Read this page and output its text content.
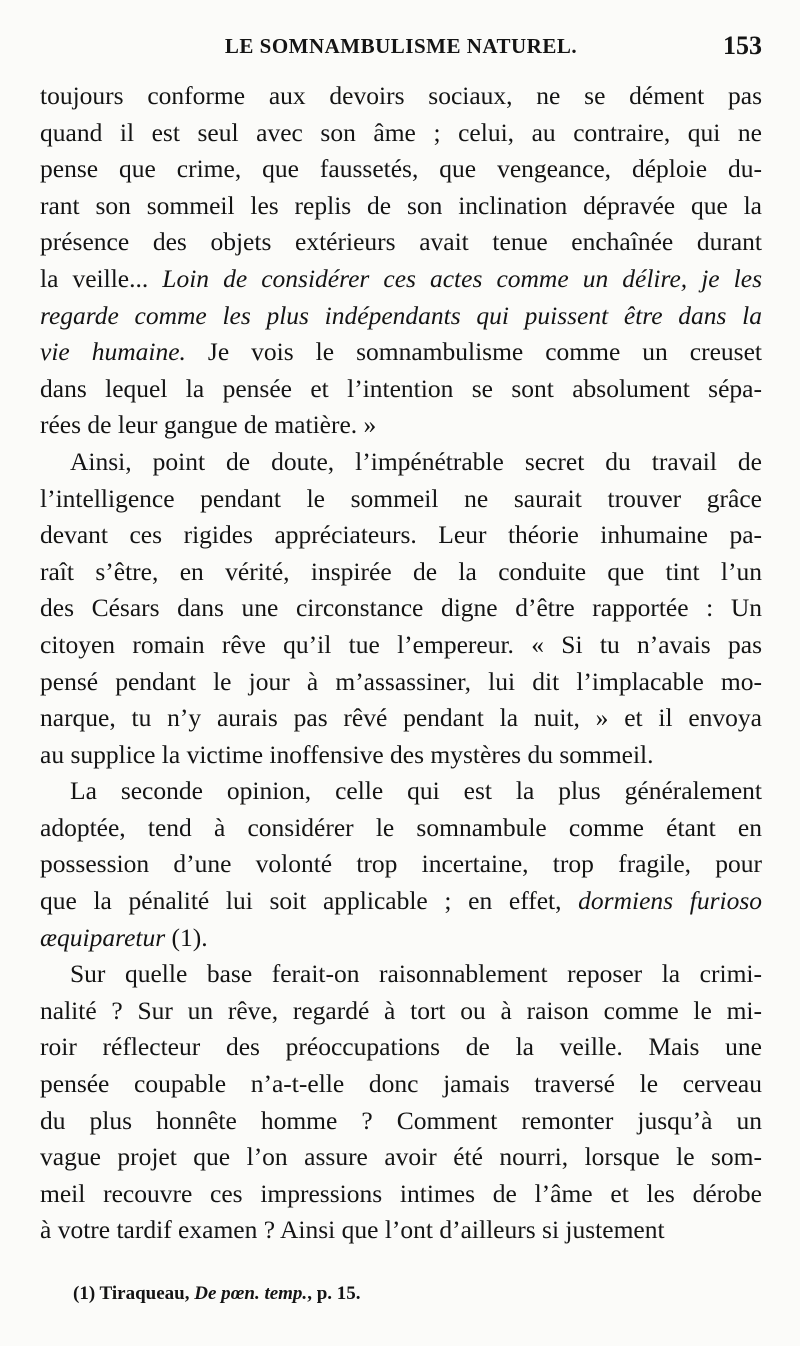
LE SOMNAMBULISME NATUREL.	153
toujours conforme aux devoirs sociaux, ne se dément pas
quand il est seul avec son âme ; celui, au contraire, qui ne
pense que crime, que faussetés, que vengeance, déploie du-
rant son sommeil les replis de son inclination dépravée que la
présence des objets extérieurs avait tenue enchaînée durant
la veille... Loin de considérer ces actes comme un délire, je les
regarde comme les plus indépendants qui puissent être dans la
vie humaine. Je vois le somnambulisme comme un creuset
dans lequel la pensée et l’intention se sont absolument sépa-
rées de leur gangue de matière. »
Ainsi, point de doute, l’impénétrable secret du travail de
l’intelligence pendant le sommeil ne saurait trouver grâce
devant ces rigides appréciateurs. Leur théorie inhumaine pa-
raît s’être, en vérité, inspirée de la conduite que tint l’un
des Césars dans une circonstance digne d’être rapportée : Un
citoyen romain rêve qu’il tue l’empereur. « Si tu n’avais pas
pensé pendant le jour à m’assassiner, lui dit l’implacable mo-
narque, tu n’y aurais pas rêvé pendant la nuit, » et il envoya
au supplice la victime inoffensive des mystères du sommeil.
La seconde opinion, celle qui est la plus généralement
adoptée, tend à considérer le somnambule comme étant en
possession d’une volonté trop incertaine, trop fragile, pour
que la pénalité lui soit applicable ; en effet, dormiens furioso
æquiparetur (1).
Sur quelle base ferait-on raisonnablement reposer la crimi-
nalité ? Sur un rêve, regardé à tort ou à raison comme le mi-
roir réflecteur des préoccupations de la veille. Mais une
pensée coupable n’a-t-elle donc jamais traversé le cerveau
du plus honnête homme ? Comment remonter jusqu’à un
vague projet que l’on assure avoir été nourri, lorsque le som-
meil recouvre ces impressions intimes de l’âme et les dérobe
à votre tardif examen ? Ainsi que l’ont d’ailleurs si justement
(1) Tiraqueau, De pœn. temp., p. 15.
